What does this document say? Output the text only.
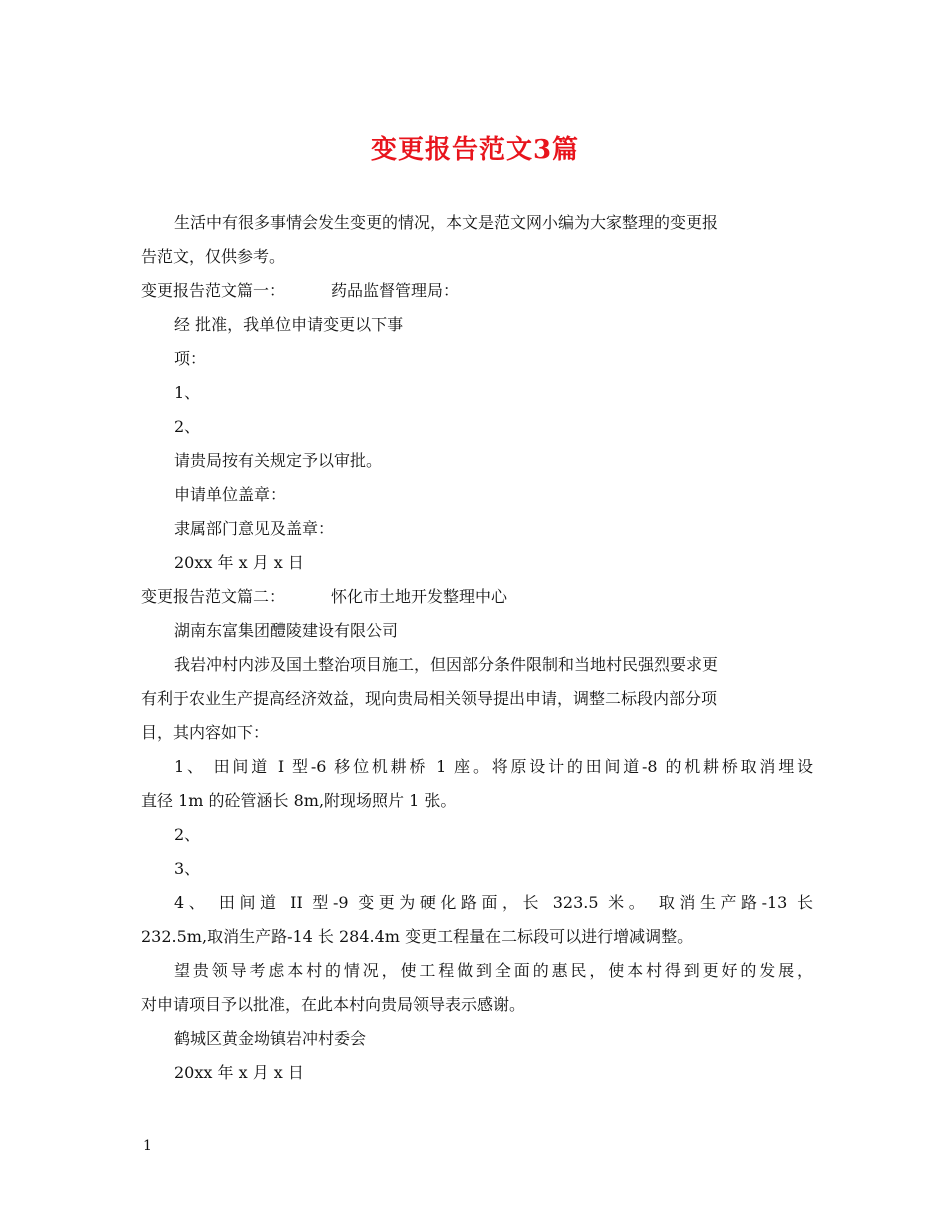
变更报告范文3篇

生活中有很多事情会发生变更的情况，本文是范文网小编为大家整理的变更报

告范文，仅供参考。

变更报告范文篇一：	药品监督管理局：

经 批准，我单位申请变更以下事

项：

1、

2、

请贵局按有关规定予以审批。

申请单位盖章：

隶属部门意见及盖章：

20xx 年 x 月 x 日

变更报告范文篇二：	怀化市土地开发整理中心

湖南东富集团醴陵建设有限公司

我岩冲村内涉及国土整治项目施工，但因部分条件限制和当地村民强烈要求更

有利于农业生产提高经济效益，现向贵局相关领导提出申请，调整二标段内部分项

目，其内容如下：

1、 田间道 I 型-6 移位机耕桥 1 座。将原设计的田间道-8 的机耕桥取消埋设

直径 1m 的砼管涵长 8m,附现场照片 1 张。

2、

3、

4、 田间道 II 型-9 变更为硬化路面，长 323.5 米。 取消生产路-13 长

232.5m,取消生产路-14 长 284.4m 变更工程量在二标段可以进行增减调整。

望贵领导考虑本村的情况，使工程做到全面的惠民，使本村得到更好的发展，

对申请项目予以批准，在此本村向贵局领导表示感谢。

鹤城区黄金坳镇岩冲村委会

20xx 年 x 月 x 日

1
